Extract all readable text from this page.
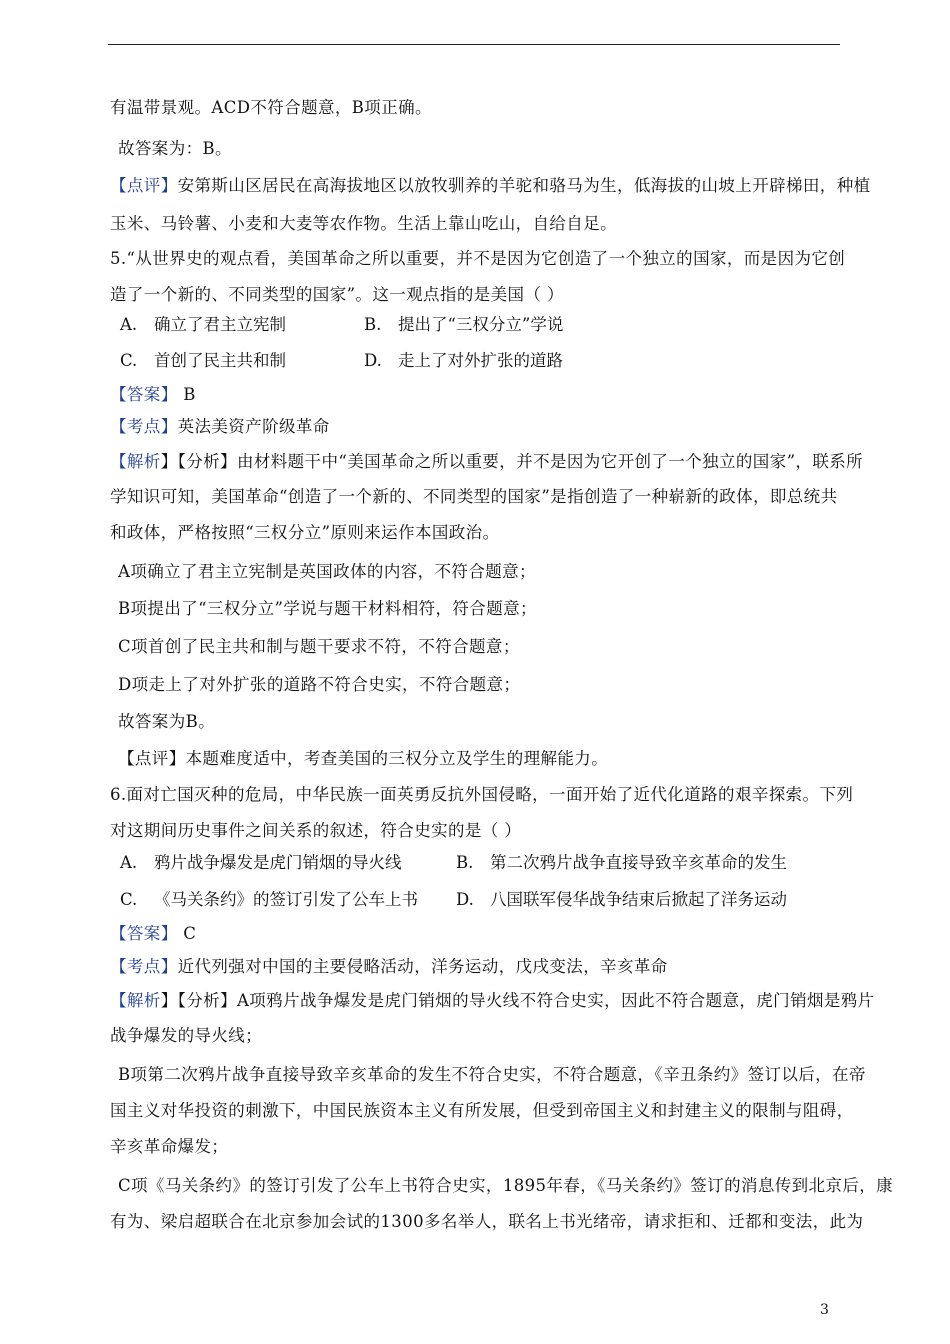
有温带景观。ACD不符合题意，B项正确。
故答案为：B。
【点评】安第斯山区居民在高海拔地区以放牧驯养的羊驼和骆马为生，低海拔的山坡上开辟梯田，种植
玉米、马铃薯、小麦和大麦等农作物。生活上靠山吃山，自给自足。
5.“从世界史的观点看，美国革命之所以重要，并不是因为它创造了一个独立的国家，而是因为它创
造了一个新的、不同类型的国家”。这一观点指的是美国（ ）
A. 确立了君主立宪制	B. 提出了“三权分立”学说
C. 首创了民主共和制	D. 走上了对外扩张的道路
【答案】 B
【考点】英法美资产阶级革命
【解析】【分析】由材料题干中“美国革命之所以重要，并不是因为它开创了一个独立的国家”，联系所
学知识可知，美国革命“创造了一个新的、不同类型的国家”是指创造了一种崭新的政体，即总统共
和政体，严格按照“三权分立”原则来运作本国政治。
A项确立了君主立宪制是英国政体的内容，不符合题意；
B项提出了“三权分立”学说与题干材料相符，符合题意；
C项首创了民主共和制与题干要求不符，不符合题意；
D项走上了对外扩张的道路不符合史实，不符合题意；
故答案为B。
【点评】本题难度适中，考查美国的三权分立及学生的理解能力。
6.面对亡国灭种的危局，中华民族一面英勇反抗外国侵略，一面开始了近代化道路的艰辛探索。下列
对这期间历史事件之间关系的叙述，符合史实的是（ ）
A. 鸦片战争爆发是虎门销烟的导火线	B. 第二次鸦片战争直接导致辛亥革命的发生
C. 《马关条约》的签订引发了公车上书 D. 八国联军侵华战争结束后掀起了洋务运动
【答案】 C
【考点】近代列强对中国的主要侵略活动，洋务运动，戊戌变法，辛亥革命
【解析】【分析】A项鸦片战争爆发是虎门销烟的导火线不符合史实，因此不符合题意，虎门销烟是鸦片
战争爆发的导火线；
B项第二次鸦片战争直接导致辛亥革命的发生不符合史实，不符合题意，《辛丑条约》签订以后，在帝
国主义对华投资的刺激下，中国民族资本主义有所发展，但受到帝国主义和封建主义的限制与阻碍，
辛亥革命爆发；
C项《马关条约》的签订引发了公车上书符合史实，1895年春，《马关条约》签订的消息传到北京后，康
有为、梁启超联合在北京参加会试的1300多名举人，联名上书光绪帝，请求拒和、迁都和变法，此为
3
